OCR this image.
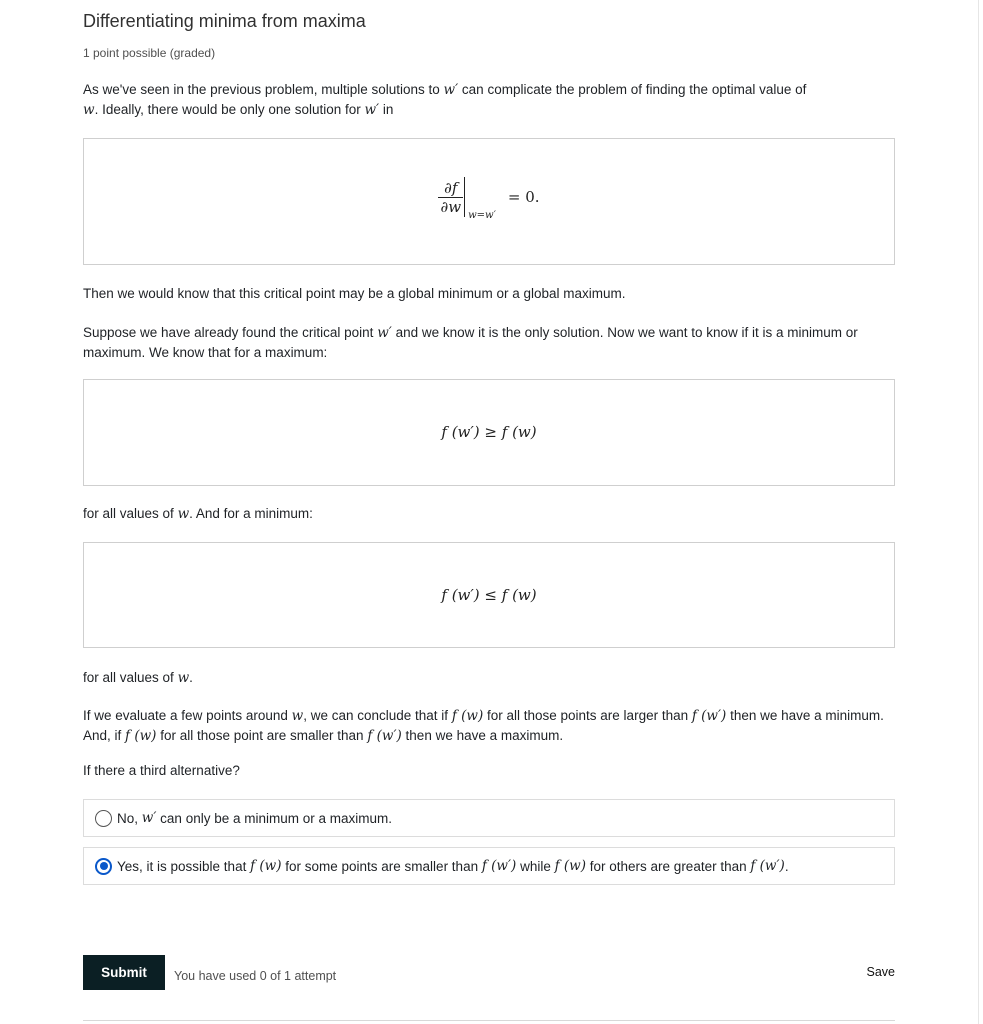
Differentiating minima from maxima
1 point possible (graded)

As we've seen in the previous problem, multiple solutions to w′ can complicate the problem of finding the optimal value of
w. Ideally, there would be only one solution for w′ in

$\frac{\partial f}{\partial w} w=w'$
= 0.

Then we would know that this critical point may be a global minimum or a global maximum.

Suppose we have already found the critical point w′ and we know it is the only solution. Now we want to know if it is a minimum or maximum. We know that for a maximum:

f (w′) ≥ f (w)

for all values of w. And for a minimum:

f (w′) ≤ f (w)

for all values of w.

If we evaluate a few points around w, we can conclude that if f (w) for all those points are larger than f (w′) then we have a minimum. And, if f (w) for all those point are smaller than f (w′) then we have a maximum.

If there a third alternative?

No,
w′
can only be a minimum or a maximum.
Yes, it is possible that
f (w)
for some points are smaller than
f (w′)
while
f (w)
for others are greater than
f (w′) .
Submit	You have used 0 of 1 attempt	Save
